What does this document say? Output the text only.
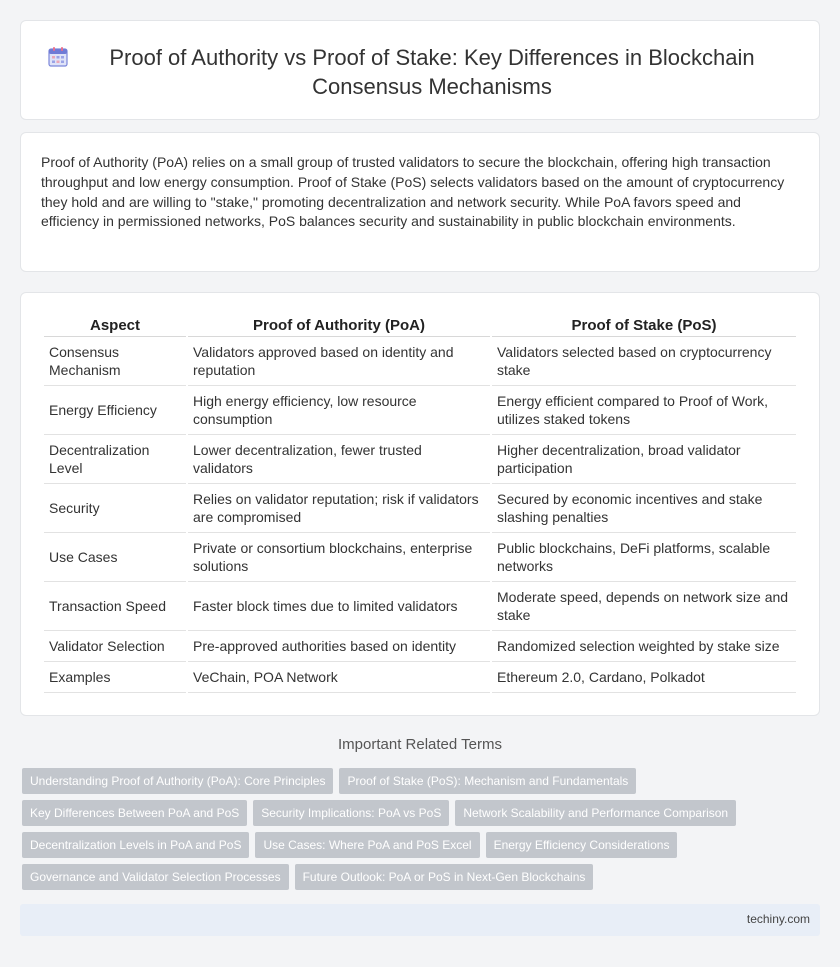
Proof of Authority vs Proof of Stake: Key Differences in Blockchain Consensus Mechanisms

Proof of Authority (PoA) relies on a small group of trusted validators to secure the blockchain, offering high transaction throughput and low energy consumption. Proof of Stake (PoS) selects validators based on the amount of cryptocurrency they hold and are willing to "stake," promoting decentralization and network security. While PoA favors speed and efficiency in permissioned networks, PoS balances security and sustainability in public blockchain environments.

Aspect	Proof of Authority (PoA)	Proof of Stake (PoS)
Consensus Mechanism	Validators approved based on identity and reputation	Validators selected based on cryptocurrency stake
Energy Efficiency	High energy efficiency, low resource consumption	Energy efficient compared to Proof of Work, utilizes staked tokens
Decentralization Level	Lower decentralization, fewer trusted validators	Higher decentralization, broad validator participation
Security	Relies on validator reputation; risk if validators are compromised	Secured by economic incentives and stake slashing penalties
Use Cases	Private or consortium blockchains, enterprise solutions	Public blockchains, DeFi platforms, scalable networks
Transaction Speed	Faster block times due to limited validators	Moderate speed, depends on network size and stake
Validator Selection	Pre-approved authorities based on identity	Randomized selection weighted by stake size
Examples	VeChain, POA Network	Ethereum 2.0, Cardano, Polkadot
Important Related Terms
Understanding Proof of Authority (PoA): Core Principles	Proof of Stake (PoS): Mechanism and Fundamentals
Key Differences Between PoA and PoS	Security Implications: PoA vs PoS	Network Scalability and Performance Comparison
Decentralization Levels in PoA and PoS	Use Cases: Where PoA and PoS Excel	Energy Efficiency Considerations
Governance and Validator Selection Processes	Future Outlook: PoA or PoS in Next-Gen Blockchains
techiny.com
